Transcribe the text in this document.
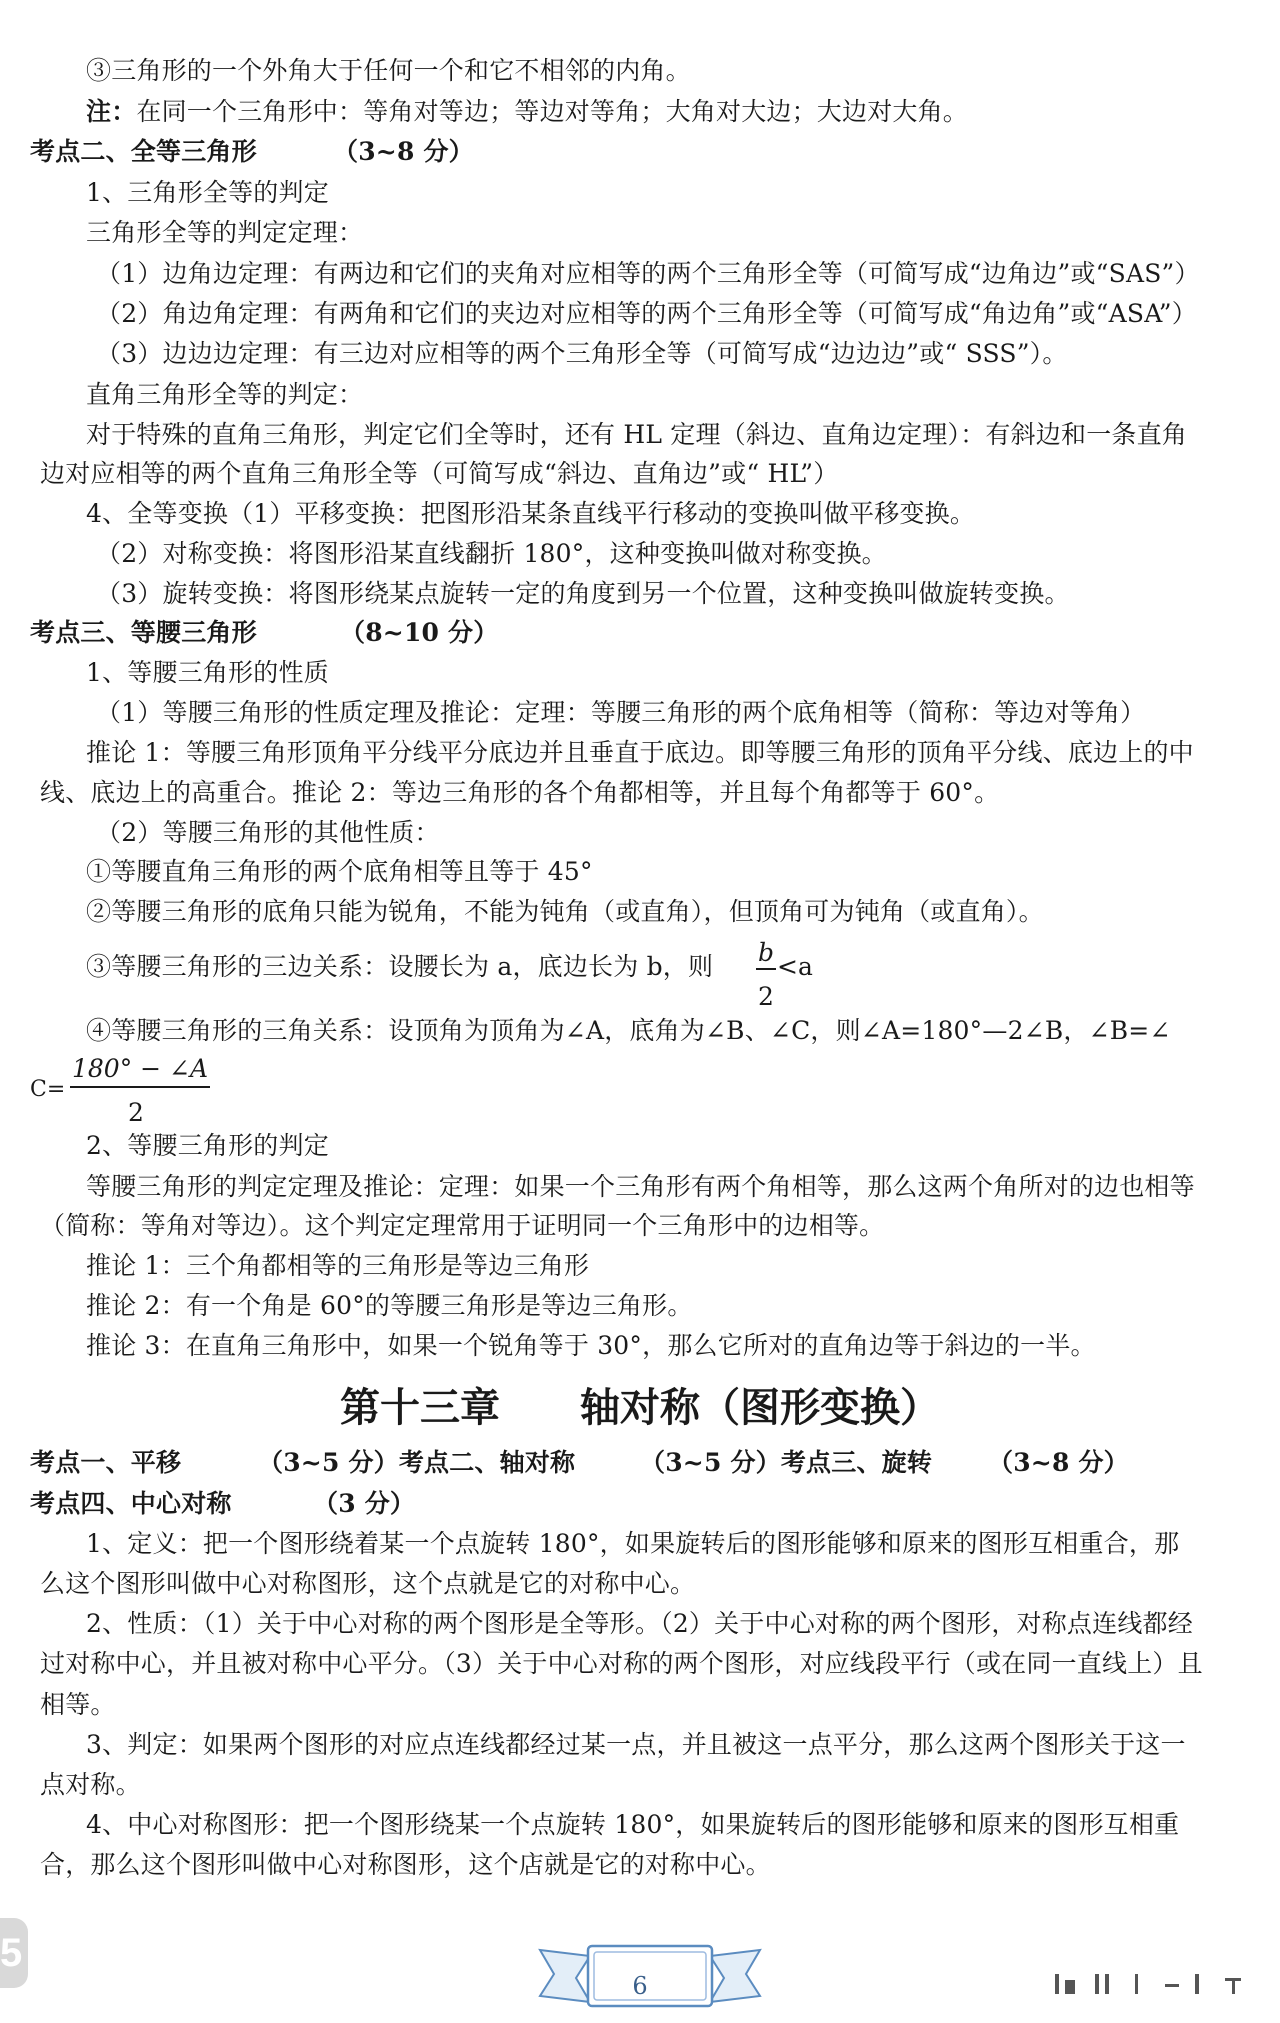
③三角形的一个外角大于任何一个和它不相邻的内角。
注：在同一个三角形中：等角对等边；等边对等角；大角对大边；大边对大角。
考点二、全等三角形	（3~8 分）
1、三角形全等的判定
三角形全等的判定定理：
（1）边角边定理：有两边和它们的夹角对应相等的两个三角形全等（可简写成“边角边”或“SAS”）
（2）角边角定理：有两角和它们的夹边对应相等的两个三角形全等（可简写成“角边角”或“ASA”）
（3）边边边定理：有三边对应相等的两个三角形全等（可简写成“边边边”或“ SSS”）。
直角三角形全等的判定：
对于特殊的直角三角形，判定它们全等时，还有 HL 定理（斜边、直角边定理）：有斜边和一条直角
边对应相等的两个直角三角形全等（可简写成“斜边、直角边”或“ HL”）
4、全等变换（1）平移变换：把图形沿某条直线平行移动的变换叫做平移变换。
（2）对称变换：将图形沿某直线翻折 180°，这种变换叫做对称变换。
（3）旋转变换：将图形绕某点旋转一定的角度到另一个位置，这种变换叫做旋转变换。
考点三、等腰三角形	（8~10 分）
1、等腰三角形的性质
（1）等腰三角形的性质定理及推论：定理：等腰三角形的两个底角相等（简称：等边对等角）
推论 1：等腰三角形顶角平分线平分底边并且垂直于底边。即等腰三角形的顶角平分线、底边上的中
线、底边上的高重合。推论 2：等边三角形的各个角都相等，并且每个角都等于 60°。
（2）等腰三角形的其他性质：
①等腰直角三角形的两个底角相等且等于 45°
②等腰三角形的底角只能为锐角，不能为钝角（或直角），但顶角可为钝角（或直角）。
③等腰三角形的三边关系：设腰长为 a，底边长为 b，则 b
2
<a
④等腰三角形的三角关系：设顶角为顶角为∠A，底角为∠B、∠C，则∠A=180°—2∠B，∠B=∠
C=
180° − ∠A
2
2、等腰三角形的判定
等腰三角形的判定定理及推论：定理：如果一个三角形有两个角相等，那么这两个角所对的边也相等
（简称：等角对等边）。这个判定定理常用于证明同一个三角形中的边相等。
推论 1：三个角都相等的三角形是等边三角形
推论 2：有一个角是 60°的等腰三角形是等边三角形。
推论 3：在直角三角形中，如果一个锐角等于 30°，那么它所对的直角边等于斜边的一半。
第十三章　　轴对称（图形变换）
考点一、平移	（3~5 分）考点二、轴对称	（3~5 分）考点三、旋转 （3~8 分）
考点四、中心对称	（3 分）
1、定义：把一个图形绕着某一个点旋转 180°，如果旋转后的图形能够和原来的图形互相重合，那
么这个图形叫做中心对称图形，这个点就是它的对称中心。
2、性质：（1）关于中心对称的两个图形是全等形。（2）关于中心对称的两个图形，对称点连线都经
过对称中心，并且被对称中心平分。（3）关于中心对称的两个图形，对应线段平行（或在同一直线上）且
相等。
3、判定：如果两个图形的对应点连线都经过某一点，并且被这一点平分，那么这两个图形关于这一
点对称。
4、中心对称图形：把一个图形绕某一个点旋转 180°，如果旋转后的图形能够和原来的图形互相重
合，那么这个图形叫做中心对称图形，这个店就是它的对称中心。
5
6
